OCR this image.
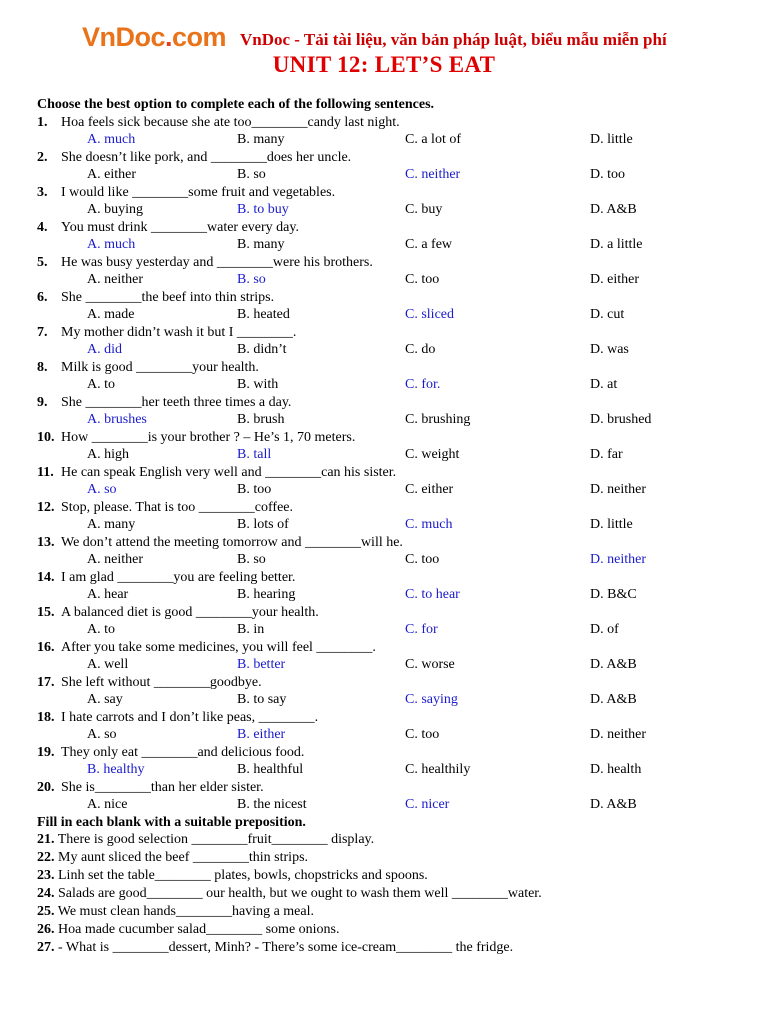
VnDoc.com VnDoc - Tải tài liệu, văn bản pháp luật, biểu mẫu miễn phí
UNIT 12: LET’S EAT
Choose the best option to complete each of the following sentences.
1. Hoa feels sick because she ate too________candy last night.
A. much	B. many	C. a lot of	D. little
2. She doesn’t like pork, and ________does her uncle.
A. either	B. so	C. neither	D. too
3. I would like ________some fruit and vegetables.
A. buying	B. to buy	C. buy	D. A&B
4. You must drink ________water every day.
A. much	B. many	C. a few	D. a little
5. He was busy yesterday and ________were his brothers.
A. neither	B. so	C. too	D. either
6. She ________the beef into thin strips.
A. made	B. heated	C. sliced	D. cut
7. My mother didn’t wash it but I ________.
A. did	B. didn’t	C. do	D. was
8. Milk is good ________your health.
A. to	B. with	C. for.	D. at
9. She ________her teeth three times a day.
A. brushes	B. brush	C. brushing	D. brushed
10. How ________is your brother ? – He’s 1, 70 meters.
A. high	B. tall	C. weight	D. far
11. He can speak English very well and ________can his sister.
A. so	B. too	C. either	D. neither
12. Stop, please. That is too ________coffee.
A. many	B. lots of	C. much	D. little
13. We don’t attend the meeting tomorrow and ________will he.
A. neither	B. so	C. too	D. neither
14. I am glad ________you are feeling better.
A. hear	B. hearing	C. to hear	D. B&C
15. A balanced diet is good ________your health.
A. to	B. in	C. for	D. of
16. After you take some medicines, you will feel ________.
A. well	B. better	C. worse	D. A&B
17. She left without ________goodbye.
A. say	B. to say	C. saying	D. A&B
18. I hate carrots and I don’t like peas, ________.
A. so	B. either	C. too	D. neither
19. They only eat ________and delicious food.
B. healthy	B. healthful	C. healthily	D. health
20. She is________than her elder sister.
A. nice	B. the nicest	C. nicer	D. A&B
Fill in each blank with a suitable preposition.
21. There is good selection ________fruit________ display.
22. My aunt sliced the beef ________thin strips.
23. Linh set the table________ plates, bowls, chopstricks and spoons.
24. Salads are good________ our health, but we ought to wash them well ________water.
25. We must clean hands________having a meal.
26. Hoa made cucumber salad________ some onions.
27. - What is ________dessert, Minh? - There’s some ice-cream________ the fridge.
